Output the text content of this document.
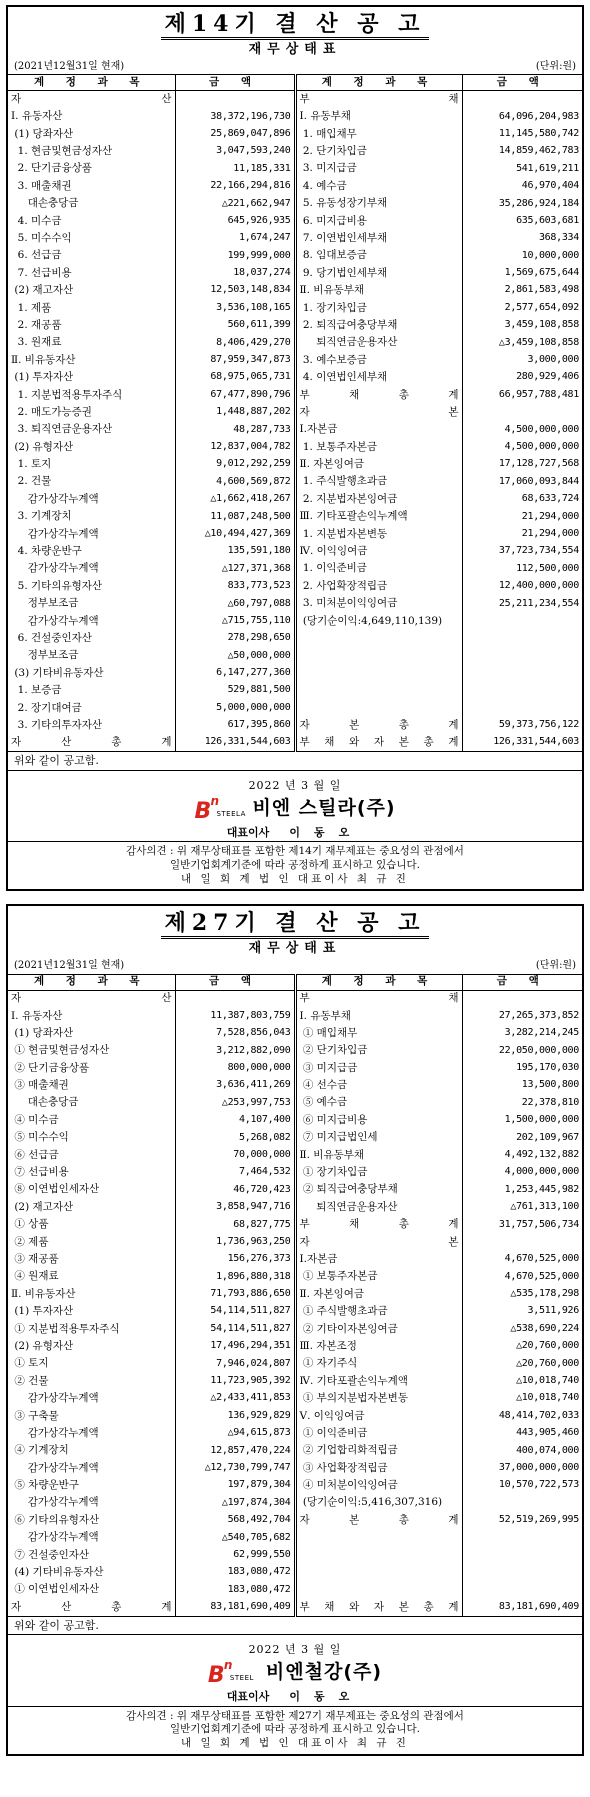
제14기 결 산 공 고
재무상태표
(2021년12월31일 현재)	(단위:원)
계 정 과 목	금 액	계 정 과 목	금 액
자 산		부 채	
Ⅰ. 유동자산	38,372,196,730	Ⅰ. 유동부채	64,096,204,983
(1) 당좌자산	25,869,047,896	1. 매입채무	11,145,580,742
1. 현금및현금성자산	3,047,593,240	2. 단기차입금	14,859,462,783
2. 단기금융상품	11,185,331	3. 미지급금	541,619,211
3. 매출채권	22,166,294,816	4. 예수금	46,970,404
대손충당금	△221,662,947	5. 유동성장기부채	35,286,924,184
4. 미수금	645,926,935	6. 미지급비용	635,603,681
5. 미수수익	1,674,247	7. 이연법인세부채	368,334
6. 선급금	199,999,000	8. 임대보증금	10,000,000
7. 선급비용	18,037,274	9. 당기법인세부채	1,569,675,644
(2) 재고자산	12,503,148,834	Ⅱ. 비유동부채	2,861,583,498
1. 제품	3,536,108,165	1. 장기차입금	2,577,654,092
2. 재공품	560,611,399	2. 퇴직급여충당부채	3,459,108,858
3. 원재료	8,406,429,270	퇴직연금운용자산	△3,459,108,858
Ⅱ. 비유동자산	87,959,347,873	3. 예수보증금	3,000,000
(1) 투자자산	68,975,065,731	4. 이연법인세부채	280,929,406
1. 지분법적용투자주식	67,477,890,796	부 채 총 계	66,957,788,481
2. 매도가능증권	1,448,887,202	자 본	
3. 퇴직연금운용자산	48,287,733	Ⅰ.자본금	4,500,000,000
(2) 유형자산	12,837,004,782	1. 보통주자본금	4,500,000,000
1. 토지	9,012,292,259	Ⅱ. 자본잉여금	17,128,727,568
2. 건물	4,600,569,872	1. 주식발행초과금	17,060,093,844
감가상각누계액	△1,662,418,267	2. 지분법자본잉여금	68,633,724
3. 기계장치	11,087,248,500	Ⅲ. 기타포괄손익누계액	21,294,000
감가상각누계액	△10,494,427,369	1. 지분법자본변동	21,294,000
4. 차량운반구	135,591,180	Ⅳ. 이익잉여금	37,723,734,554
감가상각누계액	△127,371,368	1. 이익준비금	112,500,000
5. 기타의유형자산	833,773,523	2. 사업확장적립금	12,400,000,000
정부보조금	△60,797,088	3. 미처분이익잉여금	25,211,234,554
감가상각누계액	△715,755,110	(당기순이익:4,649,110,139)	
6. 건설중인자산	278,298,650		
정부보조금	△50,000,000		
(3) 기타비유동자산	6,147,277,360		
1. 보증금	529,881,500		
2. 장기대여금	5,000,000,000		
3. 기타의투자자산	617,395,860	자 본 총 계	59,373,756,122
자 산 총 계	126,331,544,603	부 채 와 자 본 총 계	126,331,544,603
위와 같이 공고함.
2022 년 3 월 일
B n
STEELA 비엔 스틸라(주)
대표이사 이동오
감사의견 : 위 재무상태표를 포함한 제14기 재무제표는 중요성의 관점에서
일반기업회계기준에 따라 공정하게 표시하고 있습니다.
내 일 회 계 법 인 대표이사 최 규 진
제27기 결 산 공 고
재무상태표
(2021년12월31일 현재)	(단위:원)
계 정 과 목	금 액	계 정 과 목	금 액
자 산		부 채	
Ⅰ. 유동자산	11,387,803,759	Ⅰ. 유동부채	27,265,373,852
(1) 당좌자산	7,528,856,043	① 매입채무	3,282,214,245
① 현금및현금성자산	3,212,882,090	② 단기차입금	22,050,000,000
② 단기금융상품	800,000,000	③ 미지급금	195,170,030
③ 매출채권	3,636,411,269	④ 선수금	13,500,800
대손충당금	△253,997,753	⑤ 예수금	22,378,810
④ 미수금	4,107,400	⑥ 미지급비용	1,500,000,000
⑤ 미수수익	5,268,082	⑦ 미지급법인세	202,109,967
⑥ 선급금	70,000,000	Ⅱ. 비유동부채	4,492,132,882
⑦ 선급비용	7,464,532	① 장기차입금	4,000,000,000
⑧ 이연법인세자산	46,720,423	② 퇴직급여충당부채	1,253,445,982
(2) 재고자산	3,858,947,716	퇴직연금운용자산	△761,313,100
① 상품	68,827,775	부 채 총 계	31,757,506,734
② 제품	1,736,963,250	자 본	
③ 재공품	156,276,373	Ⅰ.자본금	4,670,525,000
④ 원재료	1,896,880,318	① 보통주자본금	4,670,525,000
Ⅱ. 비유동자산	71,793,886,650	Ⅱ. 자본잉여금	△535,178,298
(1) 투자자산	54,114,511,827	① 주식발행초과금	3,511,926
① 지분법적용투자주식	54,114,511,827	② 기타이자본잉여금	△538,690,224
(2) 유형자산	17,496,294,351	Ⅲ. 자본조정	△20,760,000
① 토지	7,946,024,807	① 자기주식	△20,760,000
② 건물	11,723,905,392	Ⅳ. 기타포괄손익누계액	△10,018,740
감가상각누계액	△2,433,411,853	① 부의지분법자본변동	△10,018,740
③ 구축물	136,929,829	Ⅴ. 이익잉여금	48,414,702,033
감가상각누계액	△94,615,873	① 이익준비금	443,905,460
④ 기계장치	12,857,470,224	② 기업합리화적립금	400,074,000
감가상각누계액	△12,730,799,747	③ 사업확장적립금	37,000,000,000
⑤ 차량운반구	197,879,304	④ 미처분이익잉여금	10,570,722,573
감가상각누계액	△197,874,304	(당기순이익:5,416,307,316)	
⑥ 기타의유형자산	568,492,704	자 본 총 계	52,519,269,995
감가상각누계액	△540,705,682		
⑦ 건설중인자산	62,999,550		
(4) 기타비유동자산	183,080,472		
① 이연법인세자산	183,080,472		
자 산 총 계	83,181,690,409	부 채 와 자 본 총 계	83,181,690,409
위와 같이 공고함.
2022 년 3 월 일
B n
STEEL 비엔철강(주)
대표이사 이동오
감사의견 : 위 재무상태표를 포함한 제27기 재무제표는 중요성의 관점에서
일반기업회계기준에 따라 공정하게 표시하고 있습니다.
내 일 회 계 법 인 대표이사 최 규 진
